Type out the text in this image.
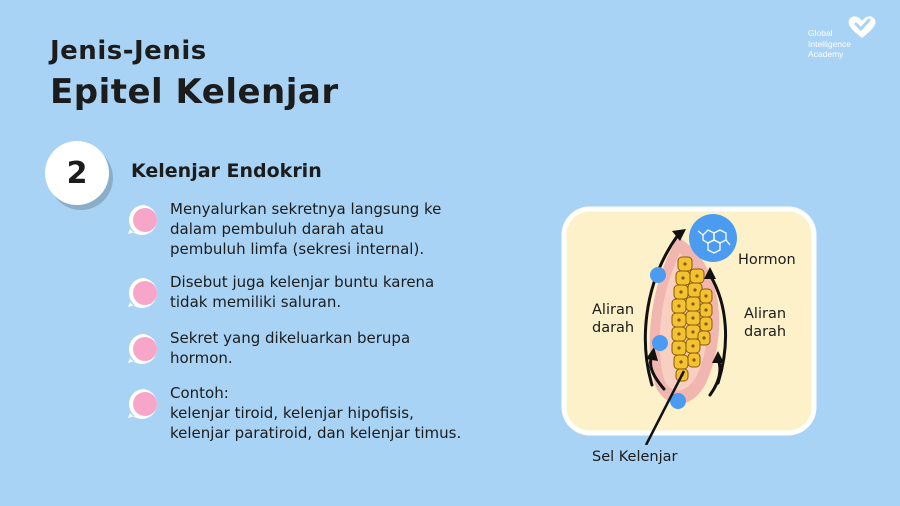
Jenis-Jenis
Epitel Kelenjar
Global
Intelligence
Academy
2	Kelenjar Endokrin
Menyalurkan sekretnya langsung ke
dalam pembuluh darah atau
pembuluh limfa (sekresi internal).
Disebut juga kelenjar buntu karena
tidak memiliki saluran.
Sekret yang dikeluarkan berupa
hormon.
Contoh:
kelenjar tiroid, kelenjar hipofisis,
kelenjar paratiroid, dan kelenjar timus.
Hormon
Aliran
darah
Aliran
darah
Sel Kelenjar
